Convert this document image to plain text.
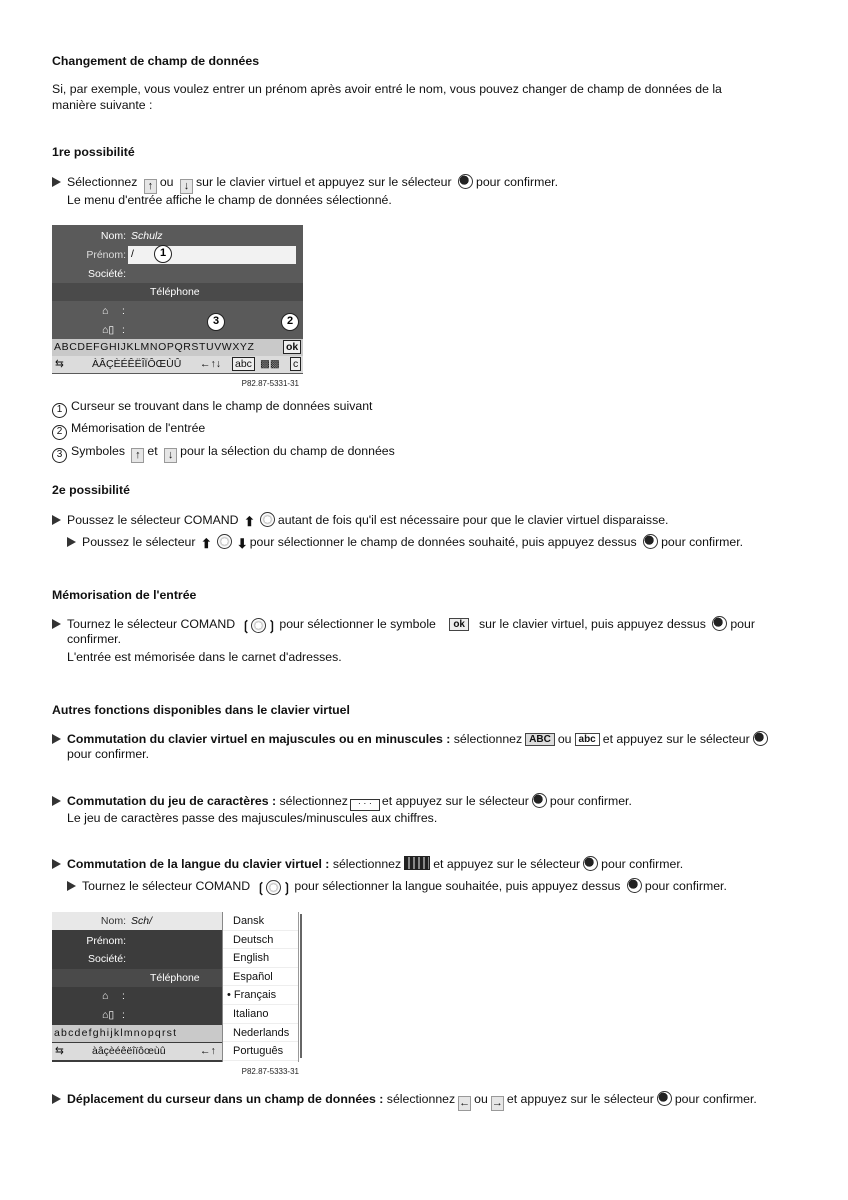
Changement de champ de données
Si, par exemple, vous voulez entrer un prénom après avoir entré le nom, vous pouvez changer de champ de données de la
manière suivante :
1re possibilité
Sélectionnez ↑ ou ↓ sur le clavier virtuel et appuyez sur le sélecteur pour confirmer.
Le menu d'entrée affiche le champ de données sélectionné.
Nom: Schulz
Prénom: /
Société:
Téléphone
⌂ :
⌂▯ :
ABCDEFGHIJKLMNOPQRSTUVWXYZ	ok
⇆	ÀÂÇÈÉÊËÎÏÔŒÙÛ ←↑↓ abc ▩▩ c
P82.87-5331-31
1
2
3
1 Curseur se trouvant dans le champ de données suivant
2 Mémorisation de l'entrée
3 Symboles ↑ et ↓ pour la sélection du champ de données
2e possibilité
Poussez le sélecteur COMAND ⬆ autant de fois qu'il est nécessaire pour que le clavier virtuel disparaisse.
Poussez le sélecteur ⬆ ⬇ pour sélectionner le champ de données souhaité, puis appuyez dessus pour confirmer.
Mémorisation de l'entrée
Tournez le sélecteur COMAND ❲ ❳ pour sélectionner le symbole ok sur le clavier virtuel, puis appuyez dessus pour
confirmer.
L'entrée est mémorisée dans le carnet d'adresses.
Autres fonctions disponibles dans le clavier virtuel
Commutation du clavier virtuel en majuscules ou en minuscules : sélectionnez ABC ou abc et appuyez sur le sélecteur
pour confirmer.
Commutation du jeu de caractères : sélectionnez · · · et appuyez sur le sélecteur pour confirmer.
Le jeu de caractères passe des majuscules/minuscules aux chiffres.
Commutation de la langue du clavier virtuel : sélectionnez	et appuyez sur le sélecteur pour confirmer.
Tournez le sélecteur COMAND ❲ ❳ pour sélectionner la langue souhaitée, puis appuyez dessus pour confirmer.
Nom: Sch/
Prénom:
Société:
Téléphone
⌂ :
⌂▯ :
abcdefghijklmnopqrst
⇆	àâçèéêëîïôœùû	←↑
Dansk
Deutsch
English
Español
• Français
Italiano
Nederlands
Português
P82.87-5333-31
Déplacement du curseur dans un champ de données : sélectionnez ← ou → et appuyez sur le sélecteur pour confirmer.
